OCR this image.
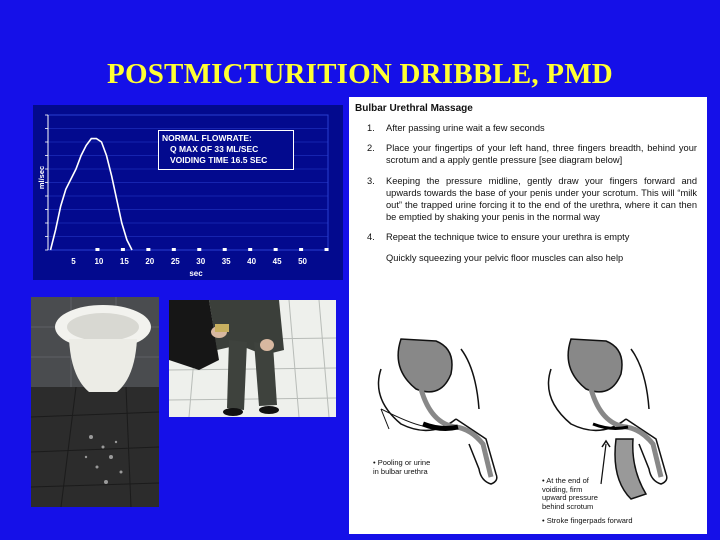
POSTMICTURITION DRIBBLE, PMD
5 10 15 20 25 30 35 40 45 50
sec
ml/sec
NORMAL FLOWRATE:
Q MAX OF 33 ML/SEC
VOIDING TIME 16.5 SEC
Bulbar Urethral Massage
1.	After passing urine wait a few seconds
2.	Place your fingertips of your left hand, three fingers breadth, behind your scrotum and a apply gentle pressure [see diagram below]
3.	Keeping the pressure midline, gently draw your fingers forward and upwards towards the base of your penis under your scrotum. This will “milk out” the trapped urine forcing it to the end of the urethra, where it can then be emptied by shaking your penis in the normal way
4.	Repeat the technique twice to ensure your urethra is empty
Quickly squeezing your pelvic floor muscles can also help
• Pooling or urine
in bulbar urethra
• At the end of
voiding, firm
upward pressure
behind scrotum
• Stroke fingerpads forward
